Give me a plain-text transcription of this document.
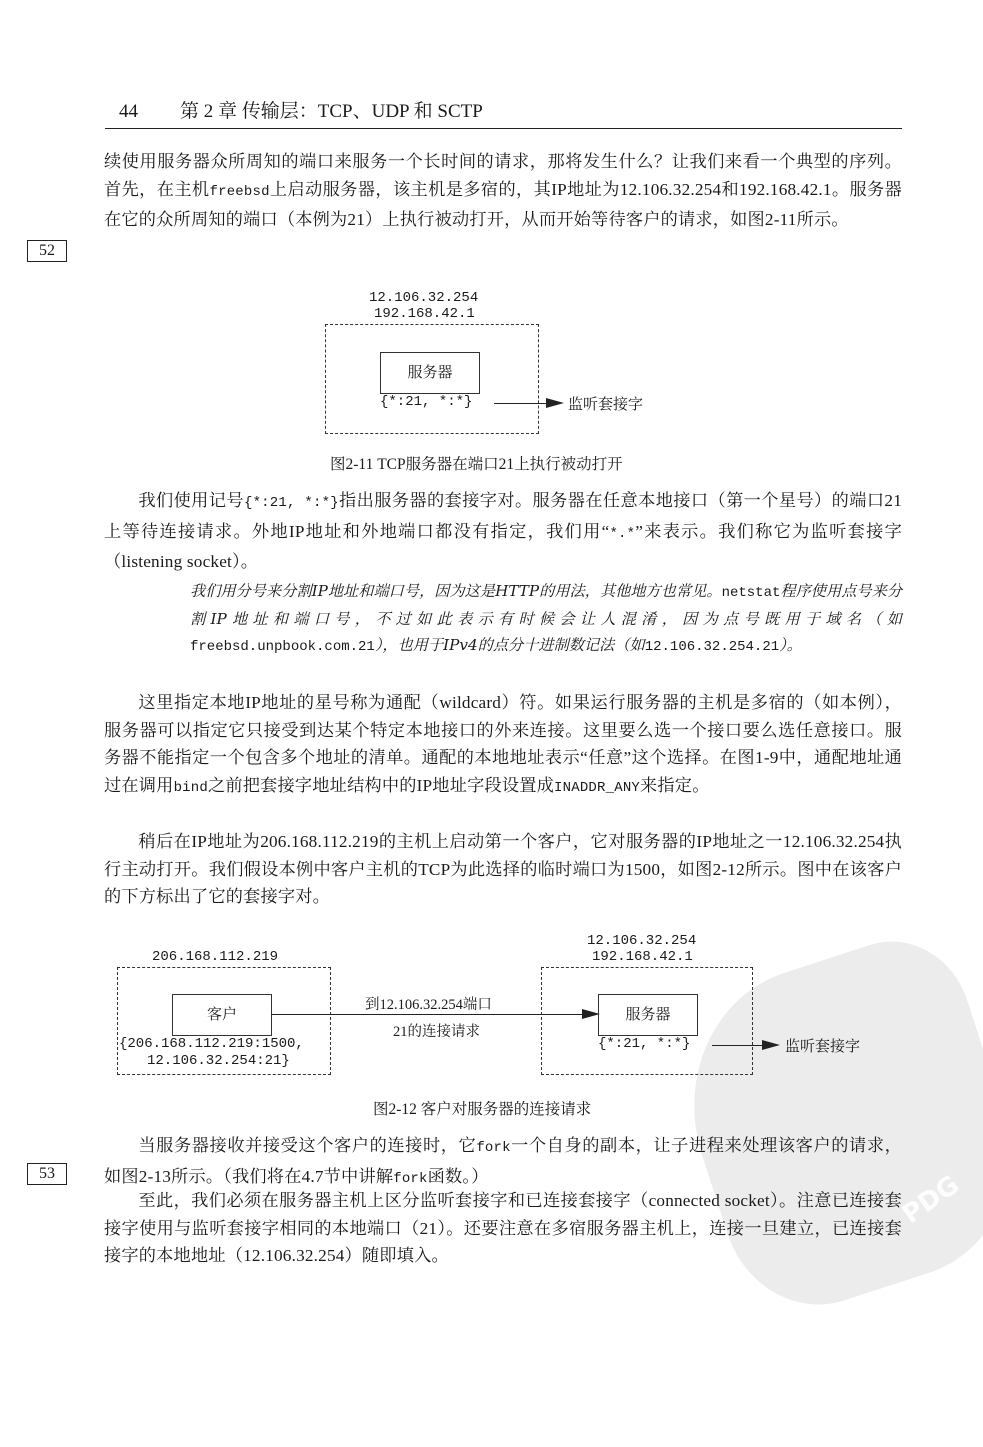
PDG
44 第 2 章 传输层：TCP、UDP 和 SCTP
52
53
续使用服务器众所周知的端口来服务一个长时间的请求，那将发生什么？让我们来看一个典型的序列。首先，在主机freebsd上启动服务器，该主机是多宿的，其IP地址为12.106.32.254和192.168.42.1。服务器在它的众所周知的端口（本例为21）上执行被动打开，从而开始等待客户的请求，如图2-11所示。
12.106.32.254
192.168.42.1
服务器
{*:21, *:*}	监听套接字
图2-11 TCP服务器在端口21上执行被动打开
我们使用记号{*:21, *:*}指出服务器的套接字对。服务器在任意本地接口（第一个星号）的端口21上等待连接请求。外地IP地址和外地端口都没有指定，我们用“*.*”来表示。我们称它为监听套接字（listening socket）。
我们用分号来分割IP地址和端口号，因为这是HTTP的用法，其他地方也常见。netstat程序使用点号来分割IP地址和端口号，不过如此表示有时候会让人混淆，因为点号既用于域名（如freebsd.unpbook.com.21），也用于IPv4的点分十进制数记法（如12.106.32.254.21）。
这里指定本地IP地址的星号称为通配（wildcard）符。如果运行服务器的主机是多宿的（如本例），服务器可以指定它只接受到达某个特定本地接口的外来连接。这里要么选一个接口要么选任意接口。服务器不能指定一个包含多个地址的清单。通配的本地地址表示“任意”这个选择。在图1-9中，通配地址通过在调用bind之前把套接字地址结构中的IP地址字段设置成INADDR_ANY来指定。
稍后在IP地址为206.168.112.219的主机上启动第一个客户，它对服务器的IP地址之一12.106.32.254执行主动打开。我们假设本例中客户主机的TCP为此选择的临时端口为1500，如图2-12所示。图中在该客户的下方标出了它的套接字对。
206.168.112.219
客户
{206.168.112.219:1500,
12.106.32.254:21}
到12.106.32.254端口
21的连接请求
12.106.32.254
192.168.42.1
服务器
{*:21, *:*}	监听套接字
图2-12 客户对服务器的连接请求
当服务器接收并接受这个客户的连接时，它fork一个自身的副本，让子进程来处理该客户的请求，如图2-13所示。（我们将在4.7节中讲解fork函数。）
至此，我们必须在服务器主机上区分监听套接字和已连接套接字（connected socket）。注意已连接套接字使用与监听套接字相同的本地端口（21）。还要注意在多宿服务器主机上，连接一旦建立，已连接套接字的本地地址（12.106.32.254）随即填入。
